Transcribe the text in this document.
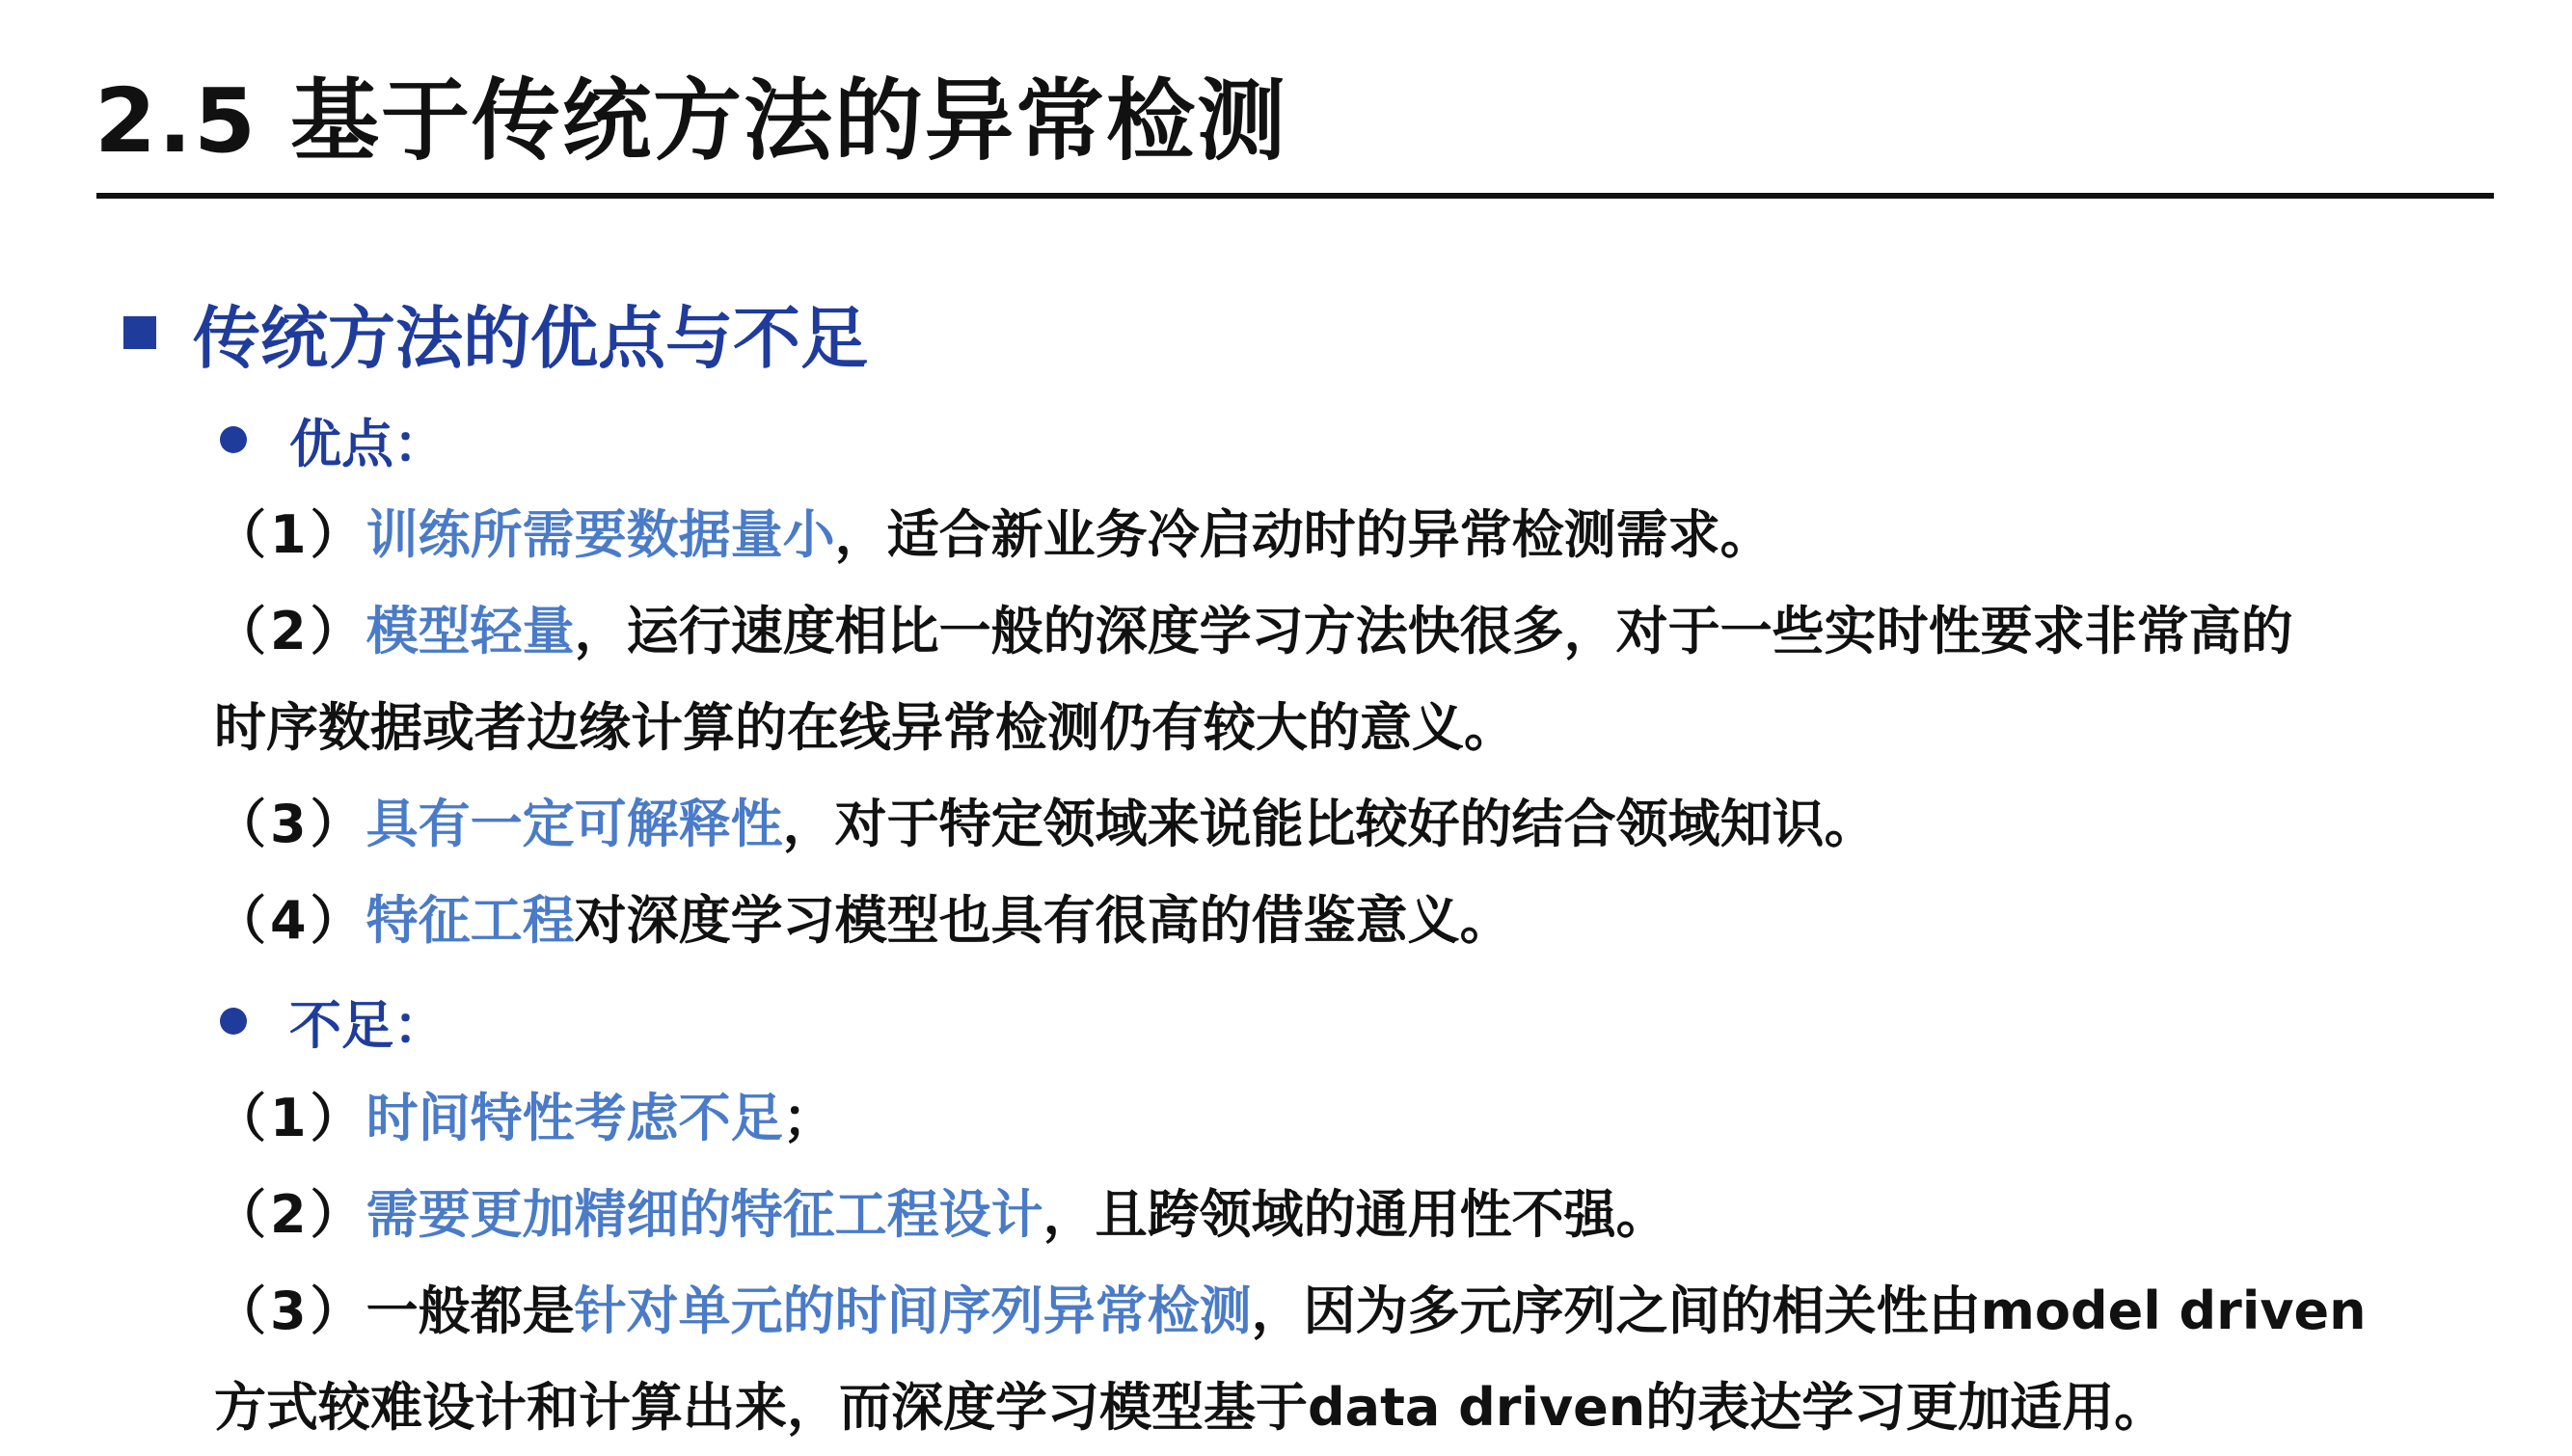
2.5 基于传统方法的异常检测
传统方法的优点与不足
优点：
（1）训练所需要数据量小，适合新业务冷启动时的异常检测需求。
（2）模型轻量，运行速度相比一般的深度学习方法快很多，对于一些实时性要求非常高的
时序数据或者边缘计算的在线异常检测仍有较大的意义。
（3）具有一定可解释性，对于特定领域来说能比较好的结合领域知识。
（4）特征工程对深度学习模型也具有很高的借鉴意义。
不足：
（1）时间特性考虑不足；
（2）需要更加精细的特征工程设计，且跨领域的通用性不强。
（3）一般都是针对单元的时间序列异常检测，因为多元序列之间的相关性由model driven
方式较难设计和计算出来，而深度学习模型基于data driven的表达学习更加适用。
